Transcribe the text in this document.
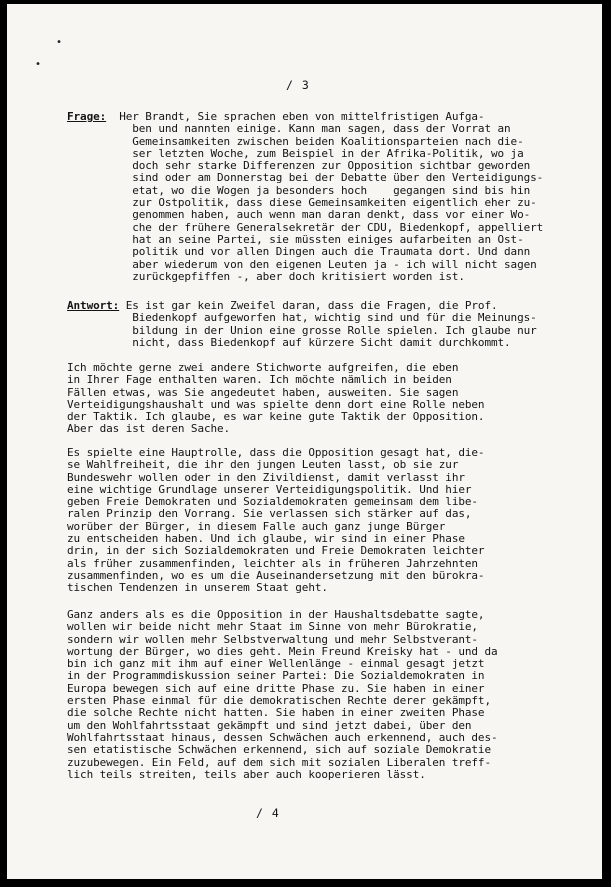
•
•
/ 3
Frage: Her Brandt, Sie sprachen eben von mittelfristigen Aufga-
ben und nannten einige. Kann man sagen, dass der Vorrat an
Gemeinsamkeiten zwischen beiden Koalitionsparteien nach die-
ser letzten Woche, zum Beispiel in der Afrika-Politik, wo ja
doch sehr starke Differenzen zur Opposition sichtbar geworden
sind oder am Donnerstag bei der Debatte über den Verteidigungs-
etat, wo die Wogen ja besonders hoch    gegangen sind bis hin
zur Ostpolitik, dass diese Gemeinsamkeiten eigentlich eher zu-
genommen haben, auch wenn man daran denkt, dass vor einer Wo-
che der frühere Generalsekretär der CDU, Biedenkopf, appelliert
hat an seine Partei, sie müssten einiges aufarbeiten an Ost-
politik und vor allen Dingen auch die Traumata dort. Und dann
aber wiederum von den eigenen Leuten ja - ich will nicht sagen
zurückgepfiffen -, aber doch kritisiert worden ist.
Antwort: Es ist gar kein Zweifel daran, dass die Fragen, die Prof.
Biedenkopf aufgeworfen hat, wichtig sind und für die Meinungs-
bildung in der Union eine grosse Rolle spielen. Ich glaube nur
nicht, dass Biedenkopf auf kürzere Sicht damit durchkommt.
Ich möchte gerne zwei andere Stichworte aufgreifen, die eben
in Ihrer Fage enthalten waren. Ich möchte nämlich in beiden
Fällen etwas, was Sie angedeutet haben, ausweiten. Sie sagen
Verteidigungshaushalt und was spielte denn dort eine Rolle neben
der Taktik. Ich glaube, es war keine gute Taktik der Opposition.
Aber das ist deren Sache.
Es spielte eine Hauptrolle, dass die Opposition gesagt hat, die-
se Wahlfreiheit, die ihr den jungen Leuten lasst, ob sie zur
Bundeswehr wollen oder in den Zivildienst, damit verlasst ihr
eine wichtige Grundlage unserer Verteidigungspolitik. Und hier
geben Freie Demokraten und Sozialdemokraten gemeinsam dem libe-
ralen Prinzip den Vorrang. Sie verlassen sich stärker auf das,
worüber der Bürger, in diesem Falle auch ganz junge Bürger
zu entscheiden haben. Und ich glaube, wir sind in einer Phase
drin, in der sich Sozialdemokraten und Freie Demokraten leichter
als früher zusammenfinden, leichter als in früheren Jahrzehnten
zusammenfinden, wo es um die Auseinandersetzung mit den bürokra-
tischen Tendenzen in unserem Staat geht.
Ganz anders als es die Opposition in der Haushaltsdebatte sagte,
wollen wir beide nicht mehr Staat im Sinne von mehr Bürokratie,
sondern wir wollen mehr Selbstverwaltung und mehr Selbstverant-
wortung der Bürger, wo dies geht. Mein Freund Kreisky hat - und da
bin ich ganz mit ihm auf einer Wellenlänge - einmal gesagt jetzt
in der Programmdiskussion seiner Partei: Die Sozialdemokraten in
Europa bewegen sich auf eine dritte Phase zu. Sie haben in einer
ersten Phase einmal für die demokratischen Rechte derer gekämpft,
die solche Rechte nicht hatten. Sie haben in einer zweiten Phase
um den Wohlfahrtsstaat gekämpft und sind jetzt dabei, über den
Wohlfahrtsstaat hinaus, dessen Schwächen auch erkennend, auch des-
sen etatistische Schwächen erkennend, sich auf soziale Demokratie
zuzubewegen. Ein Feld, auf dem sich mit sozialen Liberalen treff-
lich teils streiten, teils aber auch kooperieren lässt.
/ 4
